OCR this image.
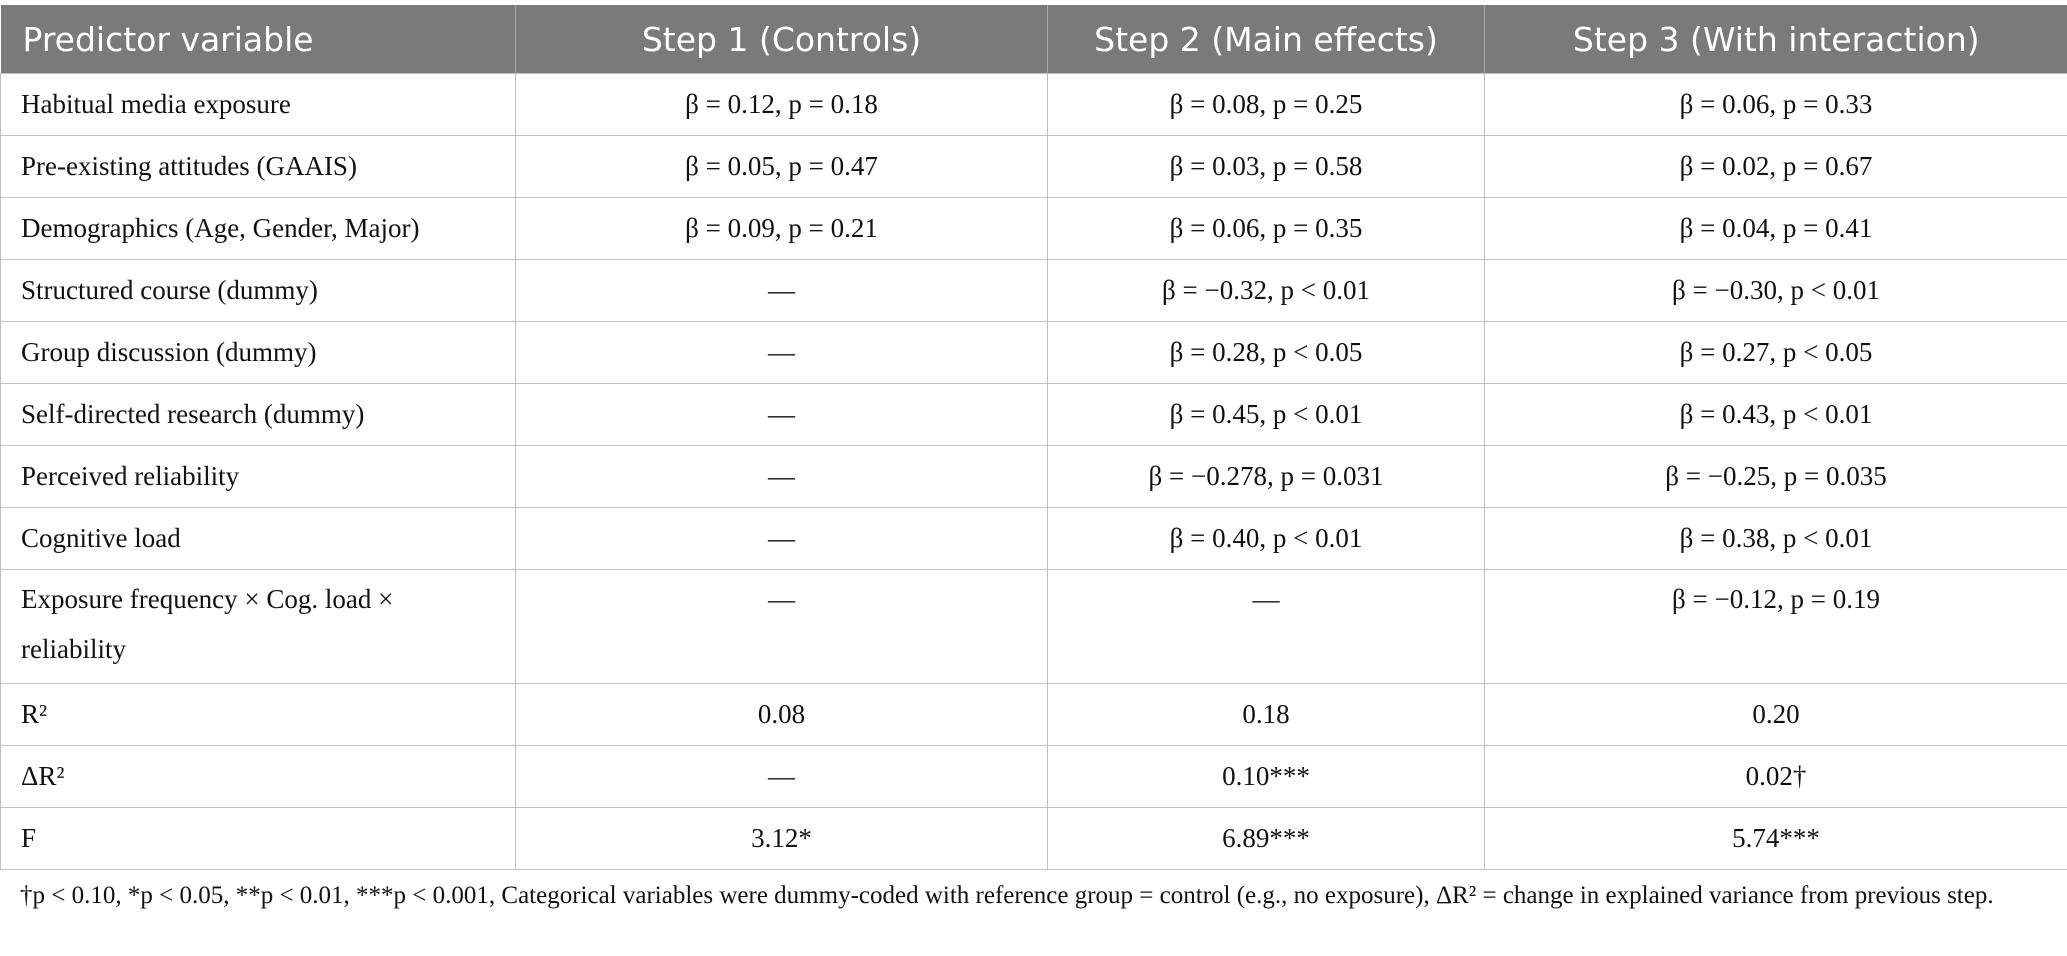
Predictor variable	Step 1 (Controls)	Step 2 (Main effects)	Step 3 (With interaction)
Habitual media exposure	β = 0.12, p = 0.18	β = 0.08, p = 0.25	β = 0.06, p = 0.33
Pre-existing attitudes (GAAIS)	β = 0.05, p = 0.47	β = 0.03, p = 0.58	β = 0.02, p = 0.67
Demographics (Age, Gender, Major)	β = 0.09, p = 0.21	β = 0.06, p = 0.35	β = 0.04, p = 0.41
Structured course (dummy)	—	β = −0.32, p < 0.01	β = −0.30, p < 0.01
Group discussion (dummy)	—	β = 0.28, p < 0.05	β = 0.27, p < 0.05
Self-directed research (dummy)	—	β = 0.45, p < 0.01	β = 0.43, p < 0.01
Perceived reliability	—	β = −0.278, p = 0.031	β = −0.25, p = 0.035
Cognitive load	—	β = 0.40, p < 0.01	β = 0.38, p < 0.01
Exposure frequency × Cog. load × reliability	—	—	β = −0.12, p = 0.19
R²	0.08	0.18	0.20
ΔR²	—	0.10***	0.02†
F	3.12*	6.89***	5.74***
†p < 0.10, *p < 0.05, **p < 0.01, ***p < 0.001, Categorical variables were dummy-coded with reference group = control (e.g., no exposure), ΔR² = change in explained variance from previous step.
